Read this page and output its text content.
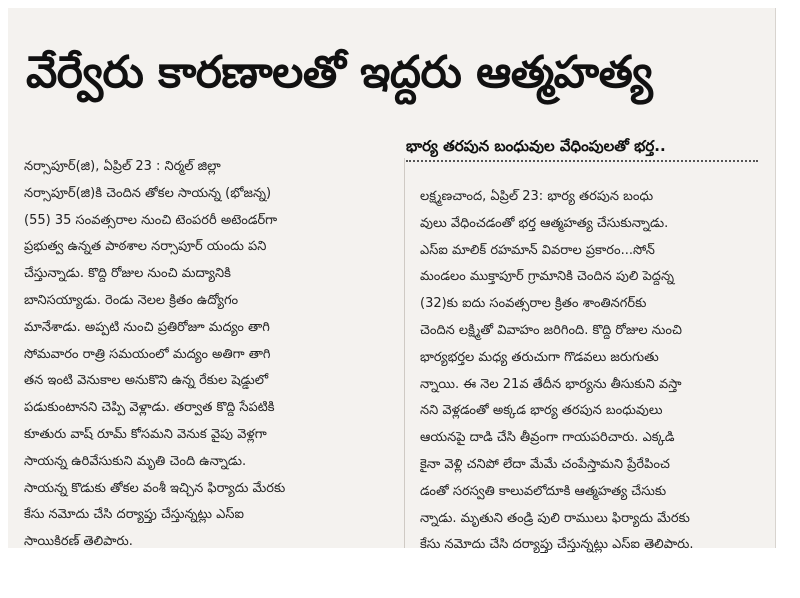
వేర్వేరు కారణాలతో ఇద్దరు ఆత్మహత్య
నర్సాపూర్(జి), ఏప్రిల్ 23 : నిర్మల్ జిల్లా
నర్సాపూర్(జి)కి చెందిన తోకల సాయన్న (భోజన్న)
(55) 35 సంవత్సరాల నుంచి టెంపరరీ అటెండర్‌గా
ప్రభుత్వ ఉన్నత పాఠశాల నర్సాపూర్ యందు పని
చేస్తున్నాడు. కొద్ది రోజుల నుంచి మద్యానికి
బానిసయ్యాడు. రెండు నెలల క్రితం ఉద్యోగం
మానేశాడు. అప్పటి నుంచి ప్రతిరోజూ మద్యం తాగి
సోమవారం రాత్రి సమయంలో మద్యం అతిగా తాగి
తన ఇంటి వెనుకాల అనుకొని ఉన్న రేకుల షెడ్డులో
పడుకుంటానని చెప్పి వెళ్లాడు. తర్వాత కొద్ది సేపటికి
కూతురు వాష్ రూమ్ కోసమని వెనుక వైపు వెళ్లగా
సాయన్న ఉరివేసుకుని మృతి చెంది ఉన్నాడు.
సాయన్న కొడుకు తోకల వంశీ ఇచ్చిన ఫిర్యాదు మేరకు
కేసు నమోదు చేసి దర్యాప్తు చేస్తున్నట్లు ఎస్ఐ
సాయికిరణ్ తెలిపారు.
భార్య తరపున బంధువుల వేధింపులతో భర్త..
లక్ష్మణచాంద, ఏప్రిల్ 23: భార్య తరపున బంధు
వులు వేధించడంతో భర్త ఆత్మహత్య చేసుకున్నాడు.
ఎస్ఐ మాలిక్ రహమాన్ వివరాల ప్రకారం...సోన్
మండలం ముక్తాపూర్ గ్రామానికి చెందిన పులి పెద్దన్న
(32)కు ఐదు సంవత్సరాల క్రితం శాంతినగర్‌కు
చెందిన లక్ష్మితో వివాహం జరిగింది. కొద్ది రోజుల నుంచి
భార్యభర్తల మధ్య తరుచుగా గొడవలు జరుగుతు
న్నాయి. ఈ నెల 21వ తేదీన భార్యను తీసుకుని వస్తా
నని వెళ్లడంతో అక్కడ భార్య తరపున బంధువులు
ఆయనపై దాడి చేసి తీవ్రంగా గాయపరిచారు. ఎక్కడి
కైనా వెళ్లి చనిపో లేదా మేమే చంపేస్తామని ప్రేరేపించ
డంతో సరస్వతి కాలువలోదూకి ఆత్మహత్య చేసుకు
న్నాడు. మృతుని తండ్రి పులి రాములు ఫిర్యాదు మేరకు
కేసు నమోదు చేసి దర్యాప్తు చేస్తున్నట్లు ఎస్ఐ తెలిపారు.
